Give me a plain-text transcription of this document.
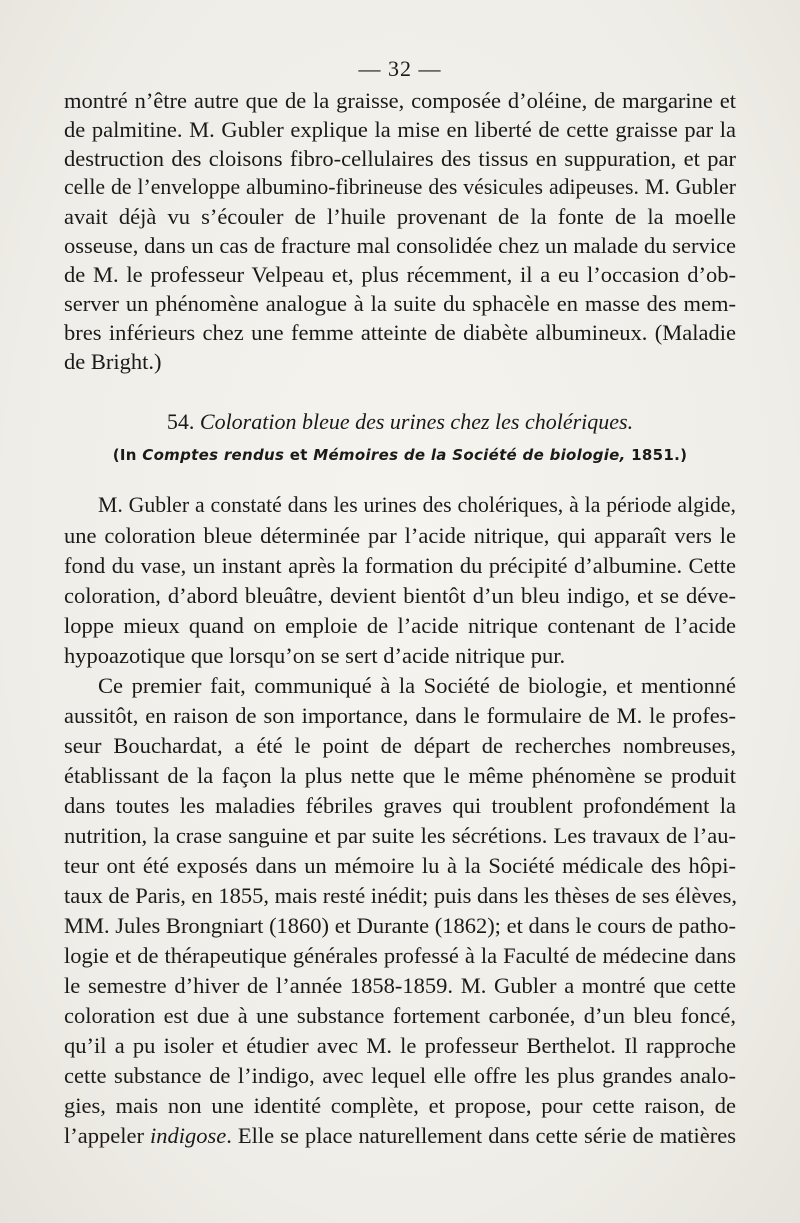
— 32 —
montré n’être autre que de la graisse, composée d’oléine, de margarine et
de palmitine. M. Gubler explique la mise en liberté de cette graisse par la
destruction des cloisons fibro-cellulaires des tissus en suppuration, et par
celle de l’enveloppe albumino-fibrineuse des vésicules adipeuses. M. Gubler
avait déjà vu s’écouler de l’huile provenant de la fonte de la moelle
osseuse, dans un cas de fracture mal consolidée chez un malade du service
de M. le professeur Velpeau et, plus récemment, il a eu l’occasion d’ob-
server un phénomène analogue à la suite du sphacèle en masse des mem-
bres inférieurs chez une femme atteinte de diabète albumineux. (Maladie
de Bright.)
54. Coloration bleue des urines chez les cholériques.
(In Comptes rendus et Mémoires de la Société de biologie, 1851.)
M. Gubler a constaté dans les urines des cholériques, à la période algide,
une coloration bleue déterminée par l’acide nitrique, qui apparaît vers le
fond du vase, un instant après la formation du précipité d’albumine. Cette
coloration, d’abord bleuâtre, devient bientôt d’un bleu indigo, et se déve-
loppe mieux quand on emploie de l’acide nitrique contenant de l’acide
hypoazotique que lorsqu’on se sert d’acide nitrique pur.
Ce premier fait, communiqué à la Société de biologie, et mentionné
aussitôt, en raison de son importance, dans le formulaire de M. le profes-
seur Bouchardat, a été le point de départ de recherches nombreuses,
établissant de la façon la plus nette que le même phénomène se produit
dans toutes les maladies fébriles graves qui troublent profondément la
nutrition, la crase sanguine et par suite les sécrétions. Les travaux de l’au-
teur ont été exposés dans un mémoire lu à la Société médicale des hôpi-
taux de Paris, en 1855, mais resté inédit; puis dans les thèses de ses élèves,
MM. Jules Brongniart (1860) et Durante (1862); et dans le cours de patho-
logie et de thérapeutique générales professé à la Faculté de médecine dans
le semestre d’hiver de l’année 1858-1859. M. Gubler a montré que cette
coloration est due à une substance fortement carbonée, d’un bleu foncé,
qu’il a pu isoler et étudier avec M. le professeur Berthelot. Il rapproche
cette substance de l’indigo, avec lequel elle offre les plus grandes analo-
gies, mais non une identité complète, et propose, pour cette raison, de
l’appeler indigose. Elle se place naturellement dans cette série de matières
